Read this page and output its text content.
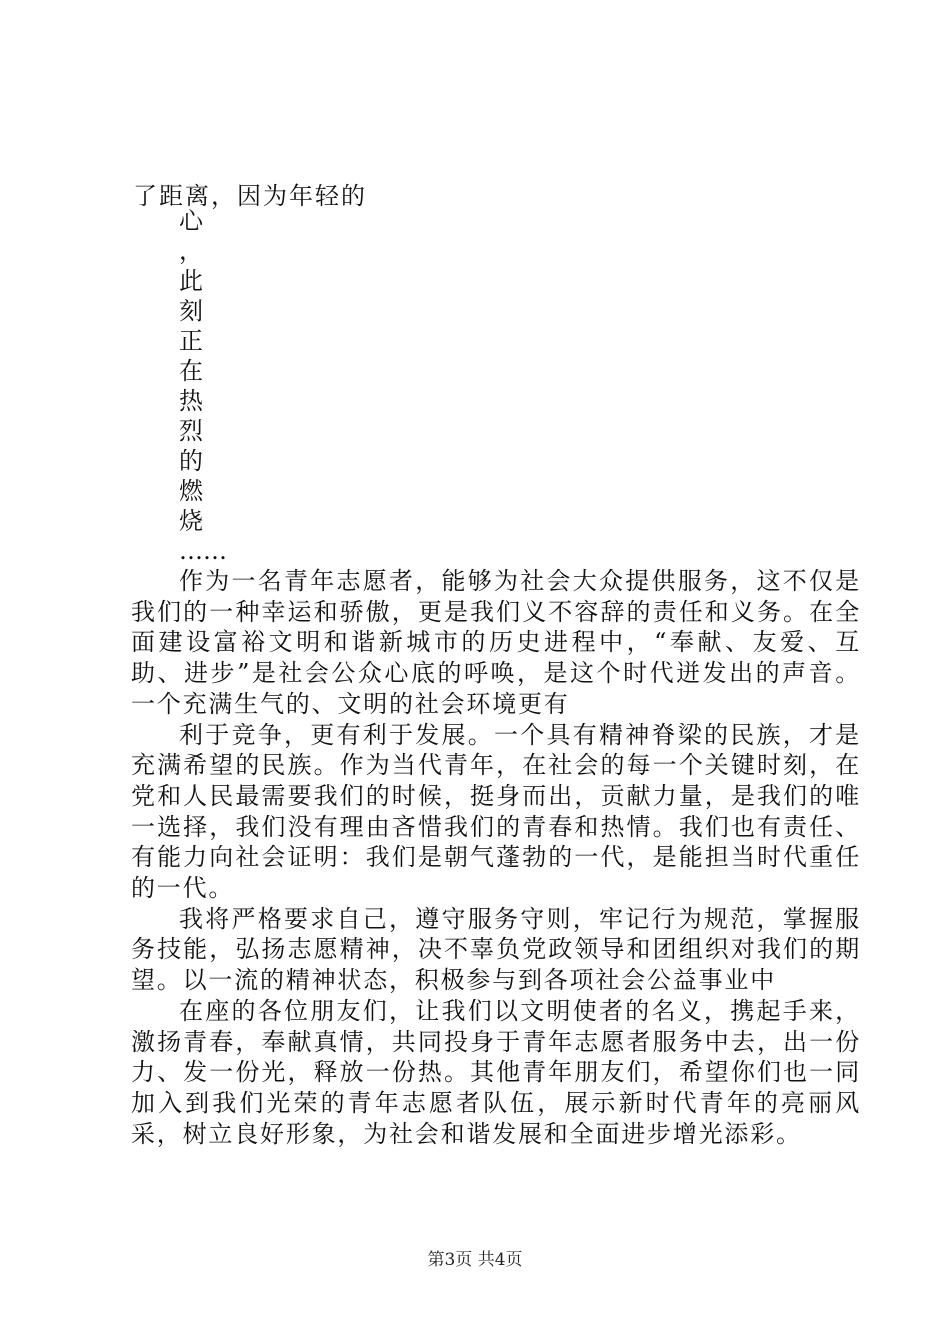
了距离，因为年轻的
心
，
此
刻
正
在
热
烈
的
燃
烧
……

作为一名青年志愿者，能够为社会大众提供服务，这不仅是我们的一种幸运和骄傲，更是我们义不容辞的责任和义务。在全面建设富裕文明和谐新城市的历史进程中，“奉献、友爱、互助、进步”是社会公众心底的呼唤，是这个时代迸发出的声音。一个充满生气的、文明的社会环境更有

利于竞争，更有利于发展。一个具有精神脊梁的民族，才是充满希望的民族。作为当代青年，在社会的每一个关键时刻，在党和人民最需要我们的时候，挺身而出，贡献力量，是我们的唯一选择，我们没有理由吝惜我们的青春和热情。我们也有责任、有能力向社会证明：我们是朝气蓬勃的一代，是能担当时代重任的一代。

我将严格要求自己，遵守服务守则，牢记行为规范，掌握服务技能，弘扬志愿精神，决不辜负党政领导和团组织对我们的期望。以一流的精神状态，积极参与到各项社会公益事业中

在座的各位朋友们，让我们以文明使者的名义，携起手来，激扬青春，奉献真情，共同投身于青年志愿者服务中去，出一份力、发一份光，释放一份热。其他青年朋友们，希望你们也一同加入到我们光荣的青年志愿者队伍，展示新时代青年的亮丽风采，树立良好形象，为社会和谐发展和全面进步增光添彩。

第3页 共4页
